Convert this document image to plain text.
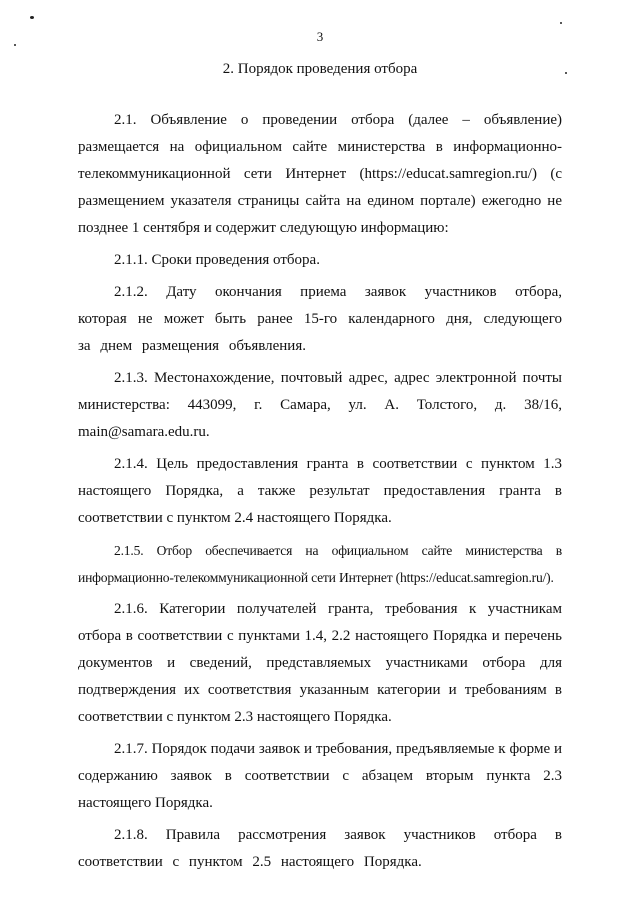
3
2. Порядок проведения отбора

2.1. Объявление о проведении отбора (далее – объявление) размещается на официальном сайте министерства в информационно-телекоммуникационной сети Интернет (https://educat.samregion.ru/) (с размещением указателя страницы сайта на едином портале) ежегодно не позднее 1 сентября и содержит следующую информацию:

2.1.1. Сроки проведения отбора.

2.1.2. Дату окончания приема заявок участников отбора, которая не может быть ранее 15-го календарного дня, следующего за днем размещения объявления.

2.1.3. Местонахождение, почтовый адрес, адрес электронной почты министерства: 443099, г. Самара, ул. А. Толстого, д. 38/16, main@samara.edu.ru.

2.1.4. Цель предоставления гранта в соответствии с пунктом 1.3 настоящего Порядка, а также результат предоставления гранта в соответствии с пунктом 2.4 настоящего Порядка.

2.1.5. Отбор обеспечивается на официальном сайте министерства в информационно-телекоммуникационной сети Интернет (https://educat.samregion.ru/).

2.1.6. Категории получателей гранта, требования к участникам отбора в соответствии с пунктами 1.4, 2.2 настоящего Порядка и перечень документов и сведений, представляемых участниками отбора для подтверждения их соответствия указанным категории и требованиям в соответствии с пунктом 2.3 настоящего Порядка.

2.1.7. Порядок подачи заявок и требования, предъявляемые к форме и содержанию заявок в соответствии с абзацем вторым пункта 2.3 настоящего Порядка.

2.1.8. Правила рассмотрения заявок участников отбора в соответствии с пунктом 2.5 настоящего Порядка.
